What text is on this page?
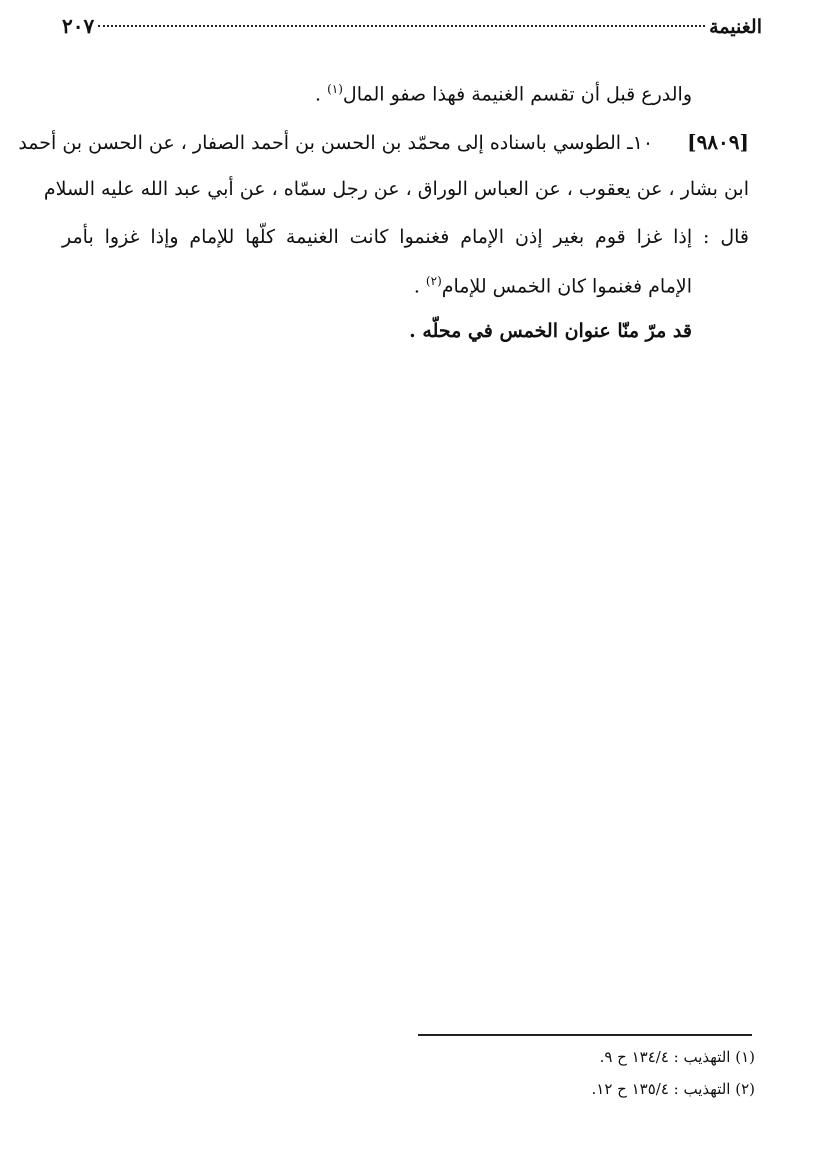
الغنيمة
٢٠٧
والدرع قبل أن تقسم الغنيمة فهذا صفو المال$^{(١)}$ .
[٩٨٠٩]١٠ـ الطوسي باسناده إلى محمّد بن الحسن بن أحمد الصفار ، عن الحسن بن أحمد
ابن بشار ، عن يعقوب ، عن العباس الوراق ، عن رجل سمّاه ، عن أبي عبد الله عليه السلام
قال : إذا غزا قوم بغير إذن الإمام فغنموا كانت الغنيمة كلّها للإمام وإذا غزوا بأمر
الإمام فغنموا كان الخمس للإمام$^{(٢)}$ .
قد مرّ منّا عنوان الخمس في محلّه .
(١) التهذيب : ١٣٤/٤ ح ٩.
(٢) التهذيب : ١٣٥/٤ ح ١٢.
